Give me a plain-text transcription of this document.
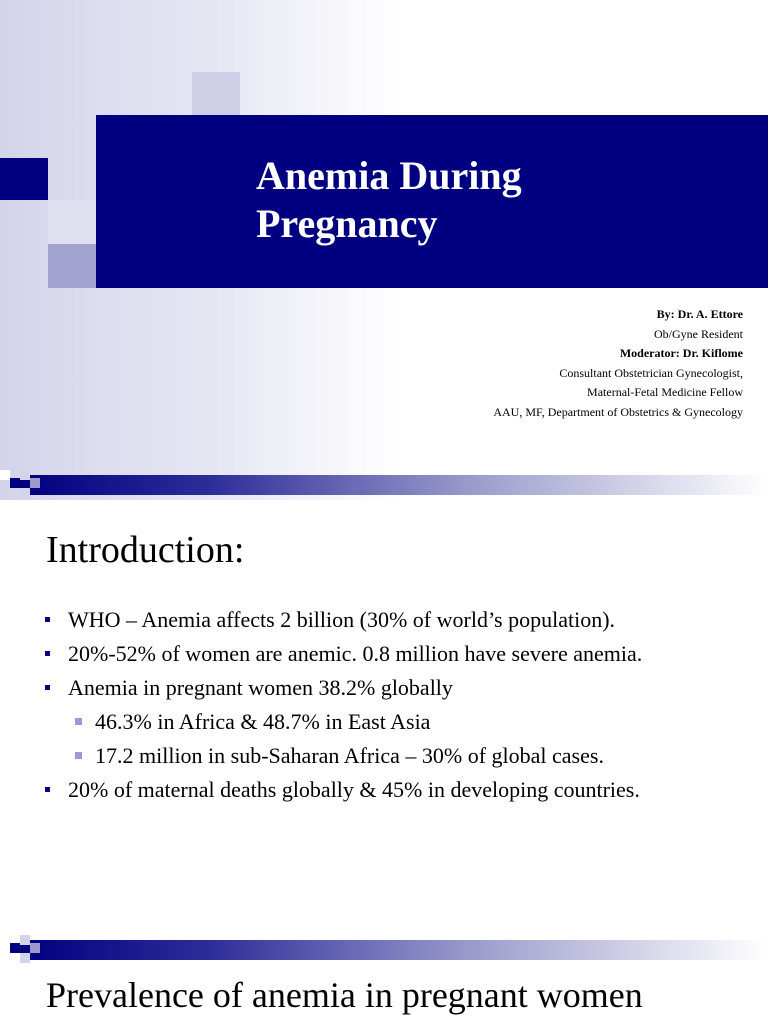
Anemia During
Pregnancy
By: Dr. A. Ettore
Ob/Gyne Resident
Moderator: Dr. Kiflome
Consultant Obstetrician Gynecologist,
Maternal-Fetal Medicine Fellow
AAU, MF, Department of Obstetrics & Gynecology
Introduction:
WHO – Anemia affects 2 billion (30% of world’s population).
20%-52% of women are anemic. 0.8 million have severe anemia.
Anemia in pregnant women 38.2% globally
46.3% in Africa & 48.7% in East Asia
17.2 million in sub-Saharan Africa – 30% of global cases.
20% of maternal deaths globally & 45% in developing countries.
Prevalence of anemia in pregnant women
